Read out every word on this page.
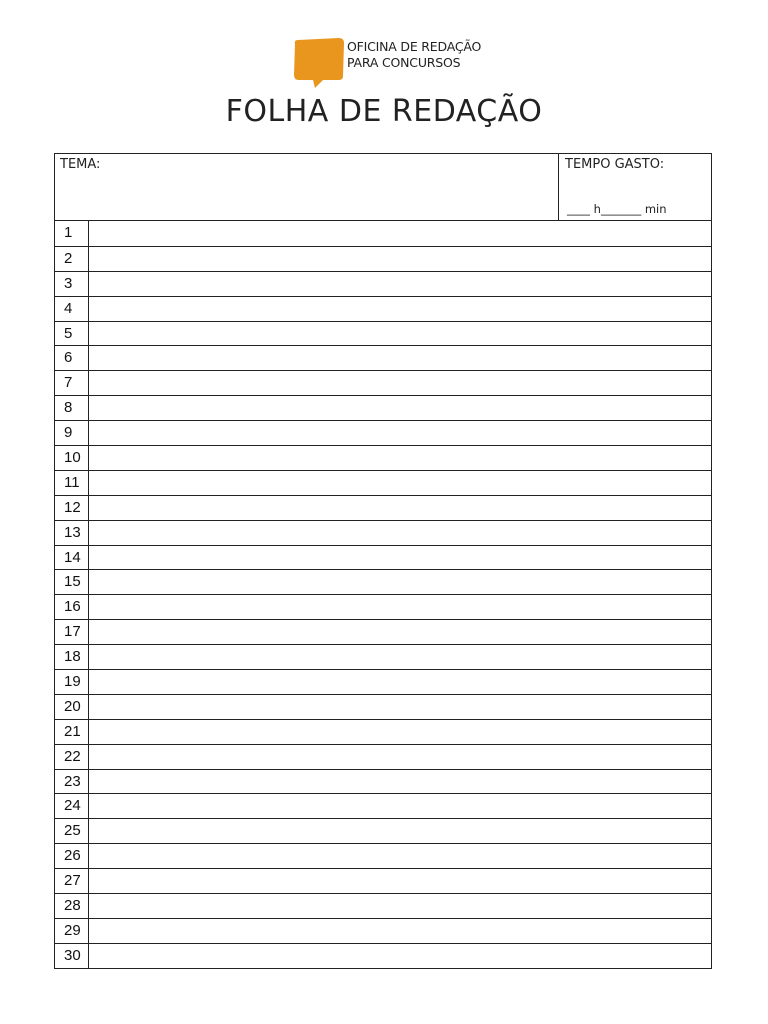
OFICINA DE REDAÇÃO
PARA CONCURSOS
FOLHA DE REDAÇÃO
TEMA:	TEMPO GASTO:
____ h_______ min
1
2
3
4
5
6
7
8
9
10
11
12
13
14
15
16
17
18
19
20
21
22
23
24
25
26
27
28
29
30
